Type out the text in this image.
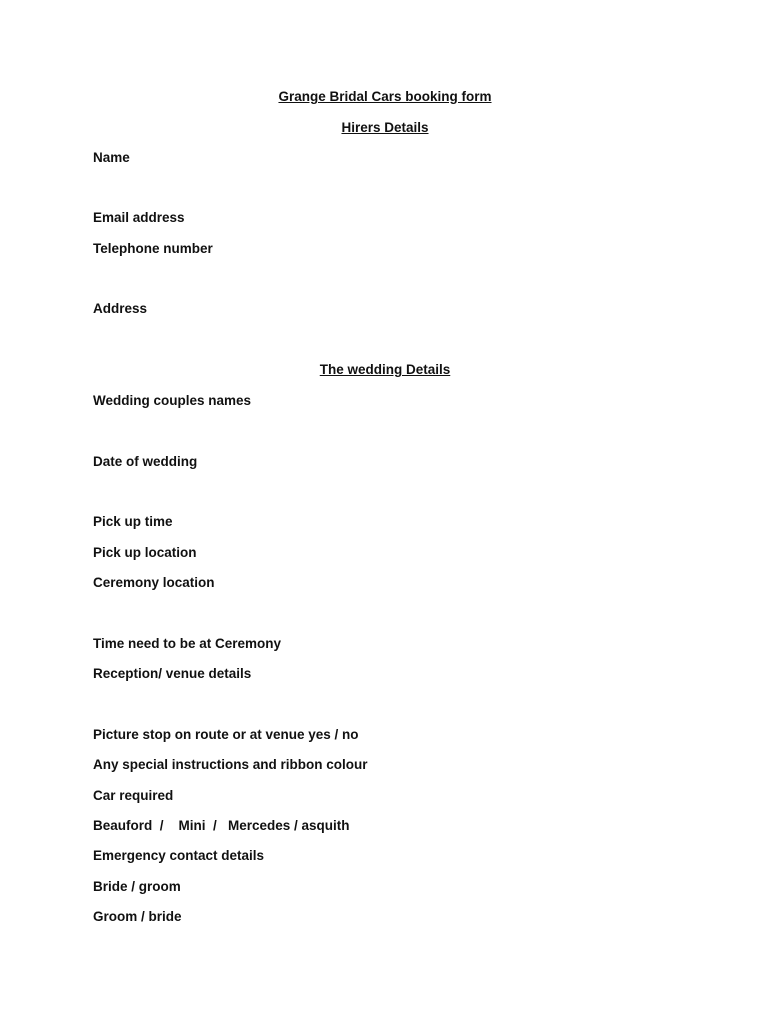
Grange Bridal Cars booking form
Hirers Details

Name

Email address

Telephone number

Address

The wedding Details

Wedding couples names

Date of wedding

Pick up time

Pick up location

Ceremony location

Time need to be at Ceremony

Reception/ venue details

Picture stop on route or at venue yes / no

Any special instructions and ribbon colour

Car required

Beauford  /    Mini  /   Mercedes / asquith

Emergency contact details

Bride / groom

Groom / bride
